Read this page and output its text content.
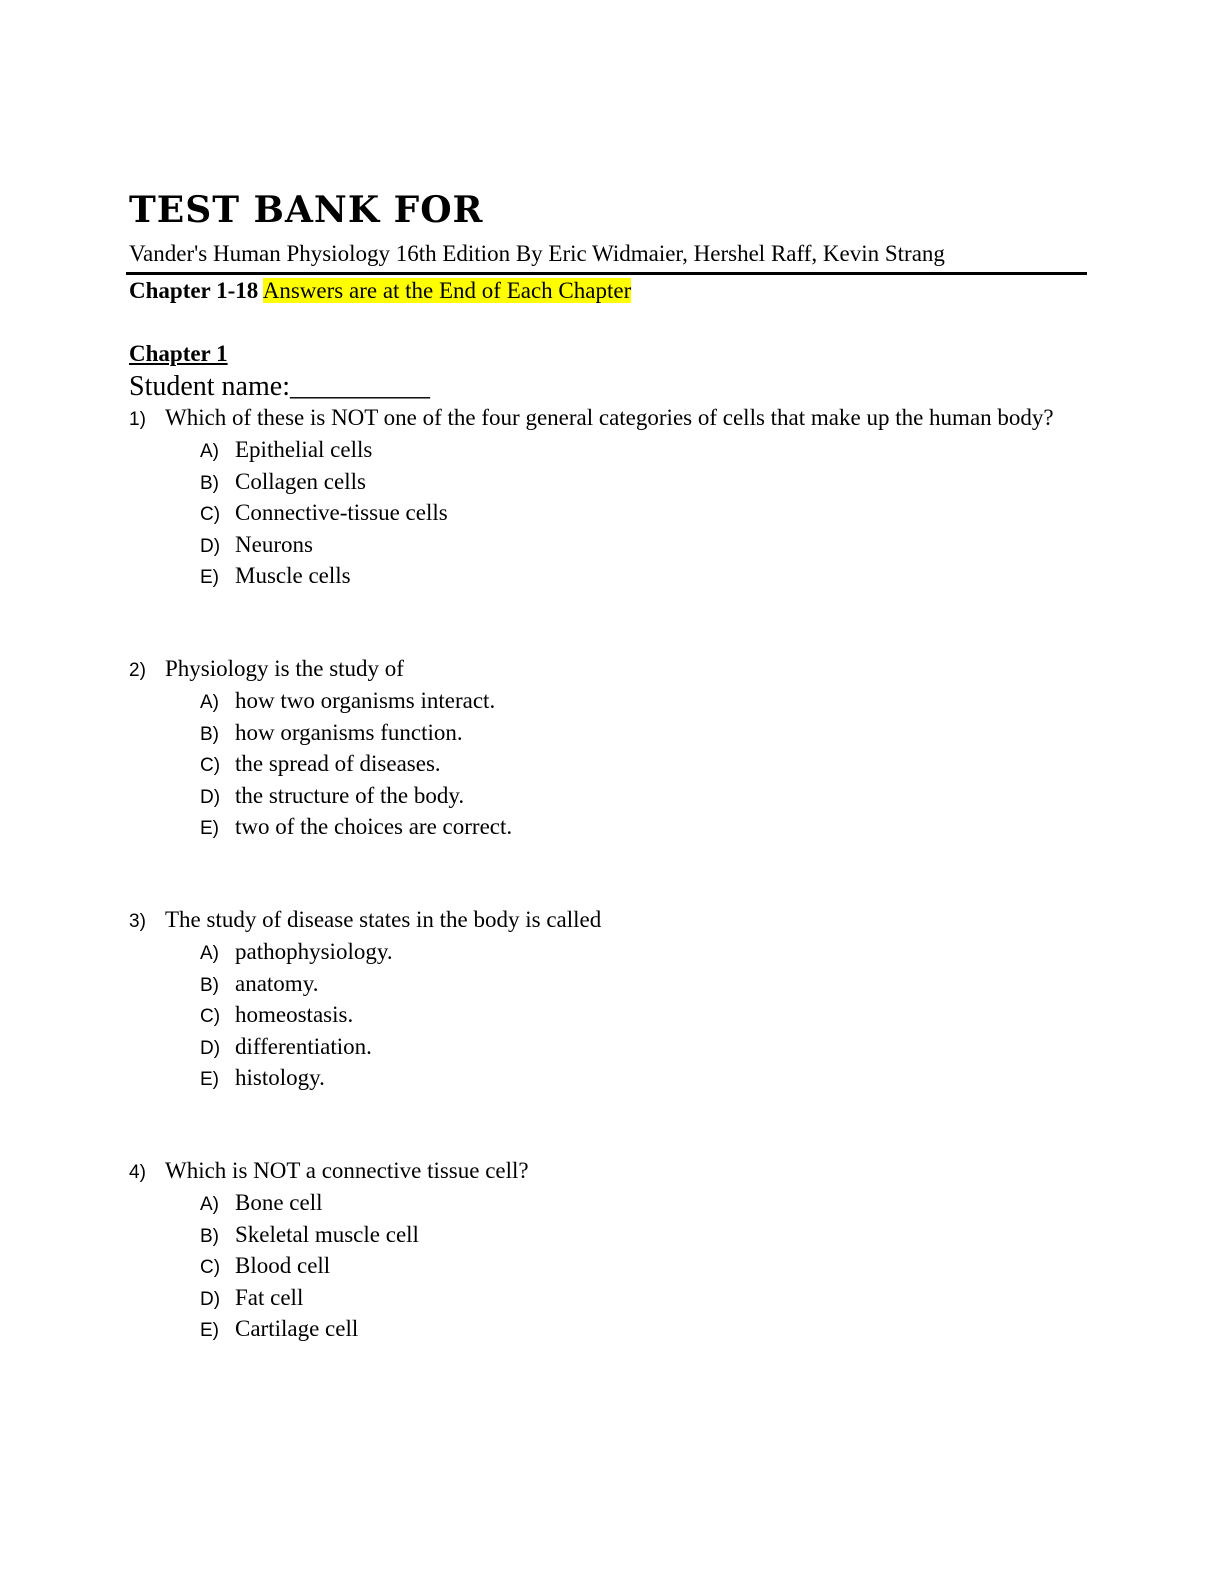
TEST BANK FOR
Vander's Human Physiology 16th Edition By Eric Widmaier, Hershel Raff, Kevin Strang
Chapter 1-18 Answers are at the End of Each Chapter
Chapter 1
Student name:__________
1) Which of these is NOT one of the four general categories of cells that make up the human body?
A) Epithelial cells
B) Collagen cells
C) Connective-tissue cells
D) Neurons
E) Muscle cells
2) Physiology is the study of
A) how two organisms interact.
B) how organisms function.
C) the spread of diseases.
D) the structure of the body.
E) two of the choices are correct.
3) The study of disease states in the body is called
A) pathophysiology.
B) anatomy.
C) homeostasis.
D) differentiation.
E) histology.
4) Which is NOT a connective tissue cell?
A) Bone cell
B) Skeletal muscle cell
C) Blood cell
D) Fat cell
E) Cartilage cell
